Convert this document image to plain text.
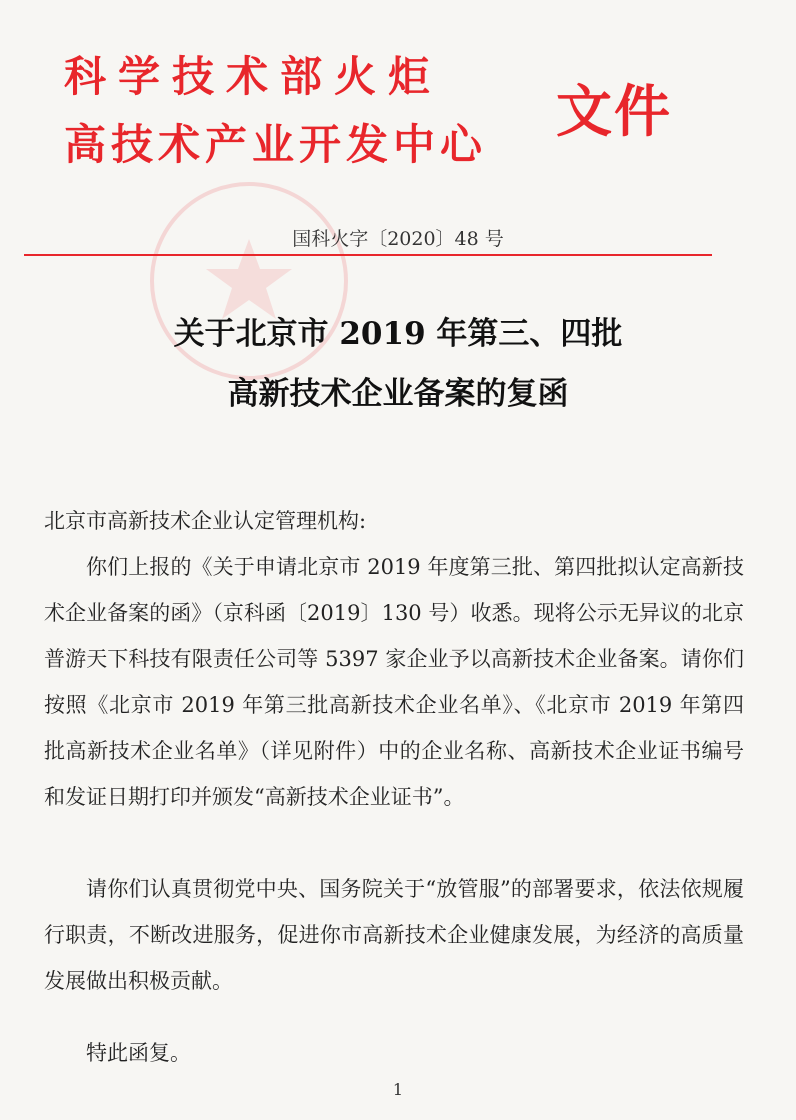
科学技术部火炬
高技术产业开发中心 文件
国科火字〔2020〕48 号
关于北京市 2019 年第三、四批
高新技术企业备案的复函
北京市高新技术企业认定管理机构:
你们上报的《关于申请北京市 2019 年度第三批、第四批拟认定高新技术企业备案的函》（京科函〔2019〕130 号）收悉。现将公示无异议的北京普游天下科技有限责任公司等 5397 家企业予以高新技术企业备案。请你们按照《北京市 2019 年第三批高新技术企业名单》、《北京市 2019 年第四批高新技术企业名单》（详见附件）中的企业名称、高新技术企业证书编号和发证日期打印并颁发“高新技术企业证书”。
请你们认真贯彻党中央、国务院关于“放管服”的部署要求，依法依规履行职责，不断改进服务，促进你市高新技术企业健康发展，为经济的高质量发展做出积极贡献。
特此函复。
1
